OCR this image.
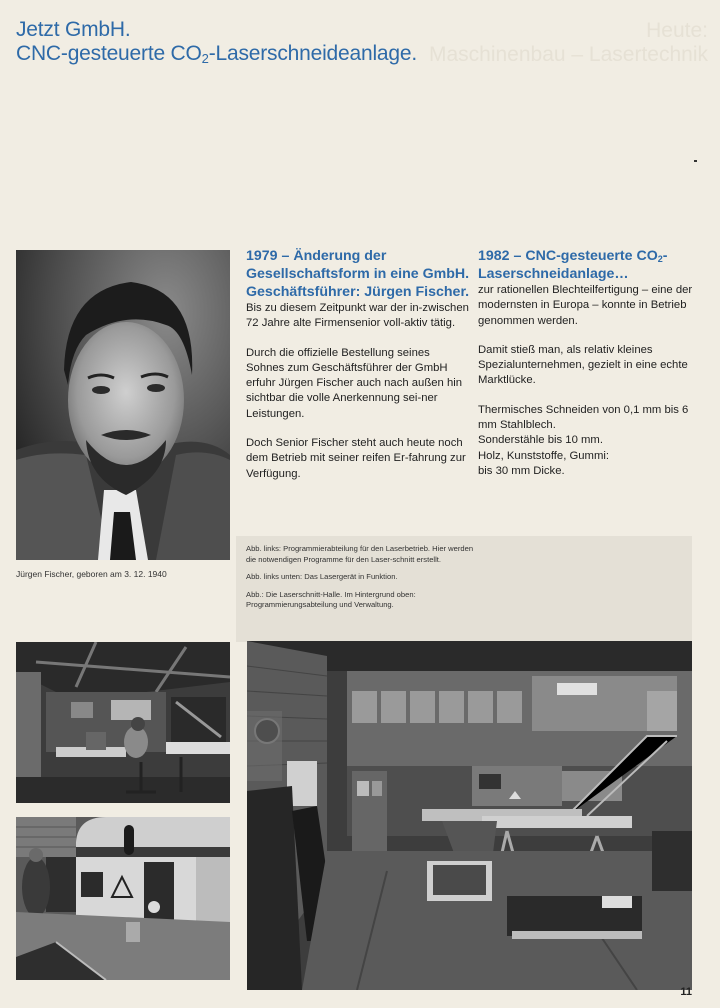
Heute:
Maschinenbau – Lasertechnik
Jetzt GmbH.
CNC-gesteuerte $CO_2$-Laserschneideanlage.
Jürgen Fischer, geboren am 3. 12. 1940
1979 – Änderung der Gesellschaftsform in eine GmbH. Geschäftsführer: Jürgen Fischer.

Bis zu diesem Zeitpunkt war der in-zwischen 72 Jahre alte Firmensenior voll-aktiv tätig.

Durch die offizielle Bestellung seines Sohnes zum Geschäftsführer der GmbH erfuhr Jürgen Fischer auch nach außen hin sichtbar die volle Anerkennung sei-ner Leistungen.

Doch Senior Fischer steht auch heute noch dem Betrieb mit seiner reifen Er-fahrung zur Verfügung.

1982 – CNC-gesteuerte $CO_2-Laserschneidanlage\dots$

zur rationellen Blechteilfertigung – eine der modernsten in Europa – konnte in Betrieb genommen werden.

Damit stieß man, als relativ kleines Spezialunternehmen, gezielt in eine echte Marktlücke.

Thermisches Schneiden von 0,1 mm bis 6 mm Stahlblech.

Sonderstähle bis 10 mm.

Holz, Kunststoffe, Gummi:

bis 30 mm Dicke.

Abb. links: Programmierabteilung für den Laserbetrieb. Hier werden die notwendigen Programme für den Laser-schnitt erstellt.

Abb. links unten: Das Lasergerät in Funktion.

Abb.: Die Laserschnitt-Halle. Im Hintergrund oben: Programmierungsabteilung und Verwaltung.

11
